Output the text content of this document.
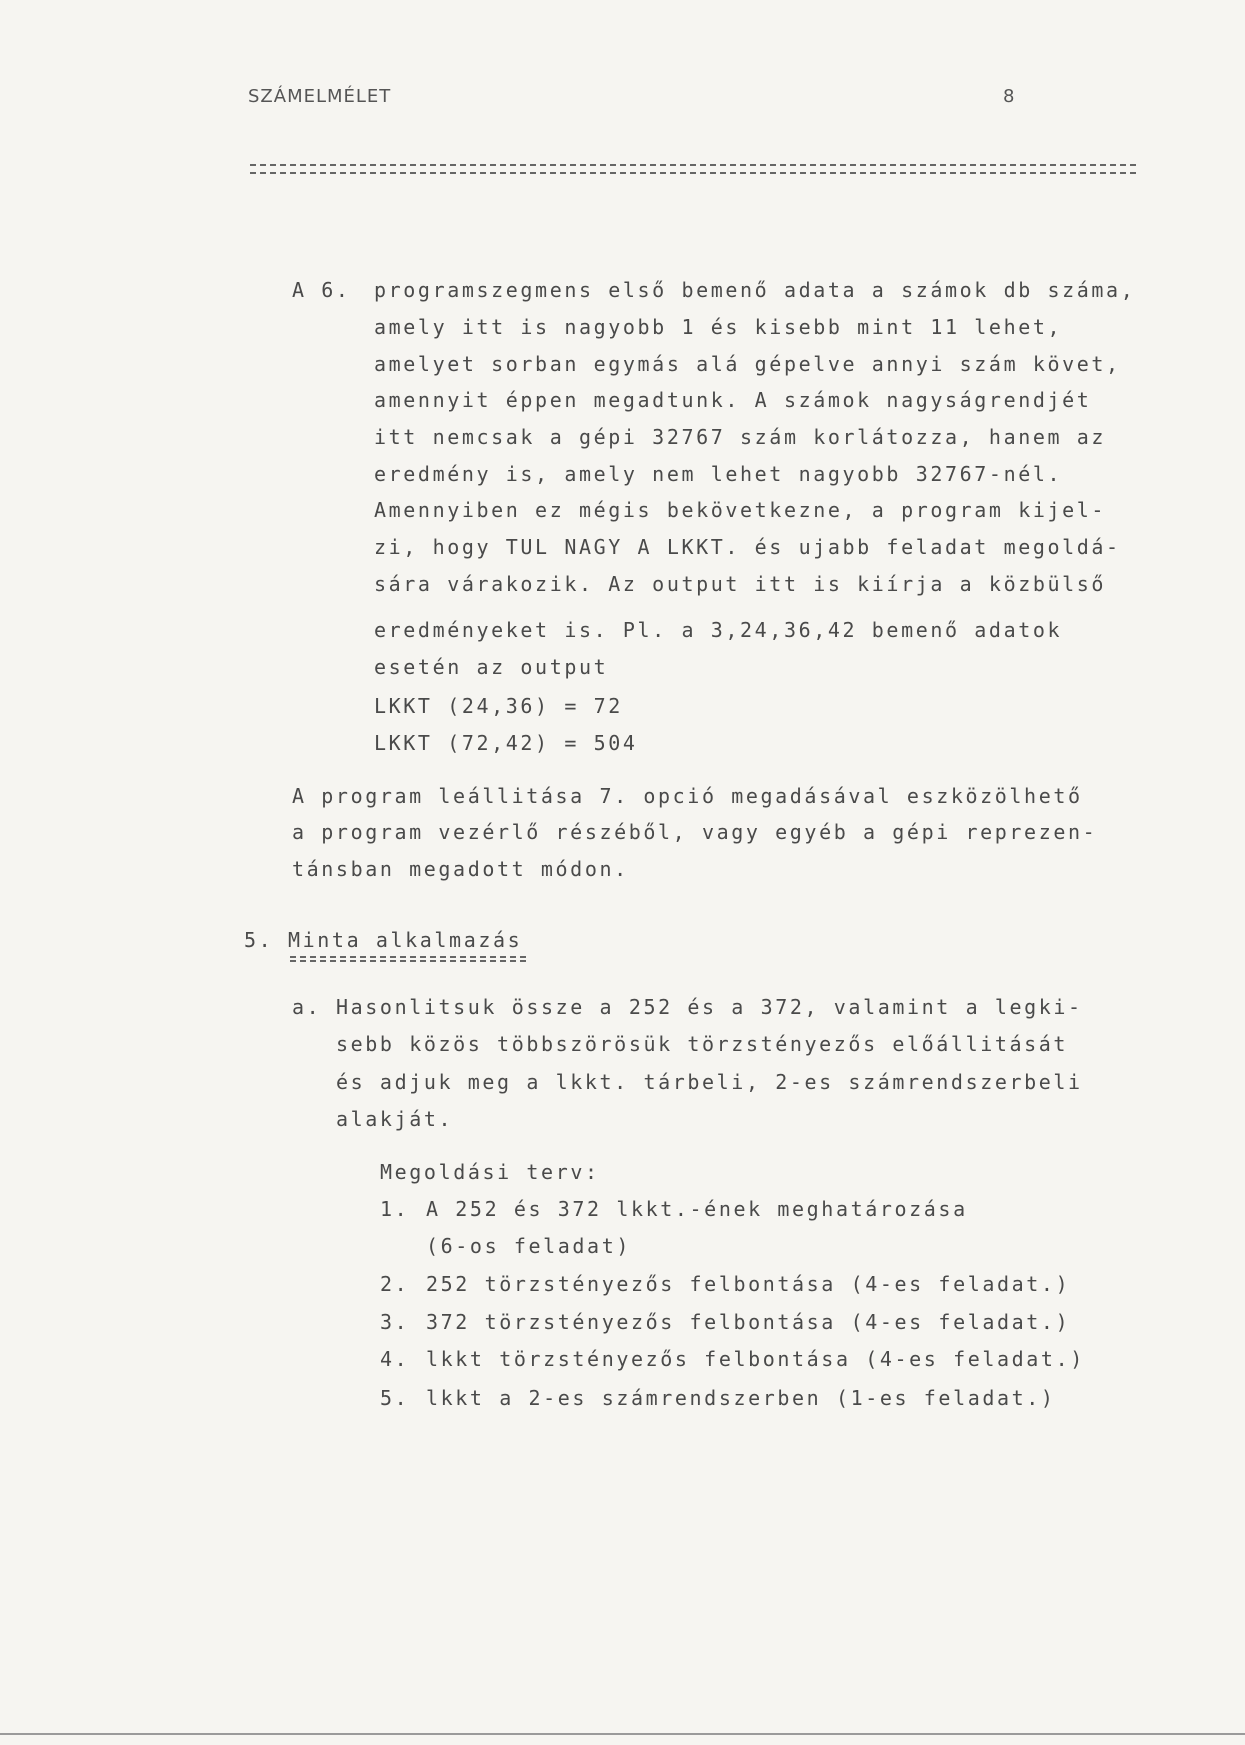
SZÁMELMÉLET	8
A 6. programszegmens első bemenő adata a számok db száma,
amely itt is nagyobb 1 és kisebb mint 11 lehet,
amelyet sorban egymás alá gépelve annyi szám követ,
amennyit éppen megadtunk. A számok nagyságrendjét
itt nemcsak a gépi 32767 szám korlátozza, hanem az
eredmény is, amely nem lehet nagyobb 32767-nél.
Amennyiben ez mégis bekövetkezne, a program kijel-
zi, hogy TUL NAGY A LKKT. és ujabb feladat megoldá-
sára várakozik. Az output itt is kiírja a közbülső
eredményeket is. Pl. a 3,24,36,42 bemenő adatok
esetén az output
LKKT (24,36) = 72
LKKT (72,42) = 504
A program leállitása 7. opció megadásával eszközölhető
a program vezérlő részéből, vagy egyéb a gépi reprezen-
tánsban megadott módon.
5. Minta alkalmazás
a. Hasonlitsuk össze a 252 és a 372, valamint a legki-
sebb közös többszörösük törzstényezős előállitását
és adjuk meg a lkkt. tárbeli, 2-es számrendszerbeli
alakját.
Megoldási terv:
1. A 252 és 372 lkkt.-ének meghatározása
(6-os feladat)
2. 252 törzstényezős felbontása (4-es feladat.)
3. 372 törzstényezős felbontása (4-es feladat.)
4. lkkt törzstényezős felbontása (4-es feladat.)
5. lkkt a 2-es számrendszerben (1-es feladat.)
